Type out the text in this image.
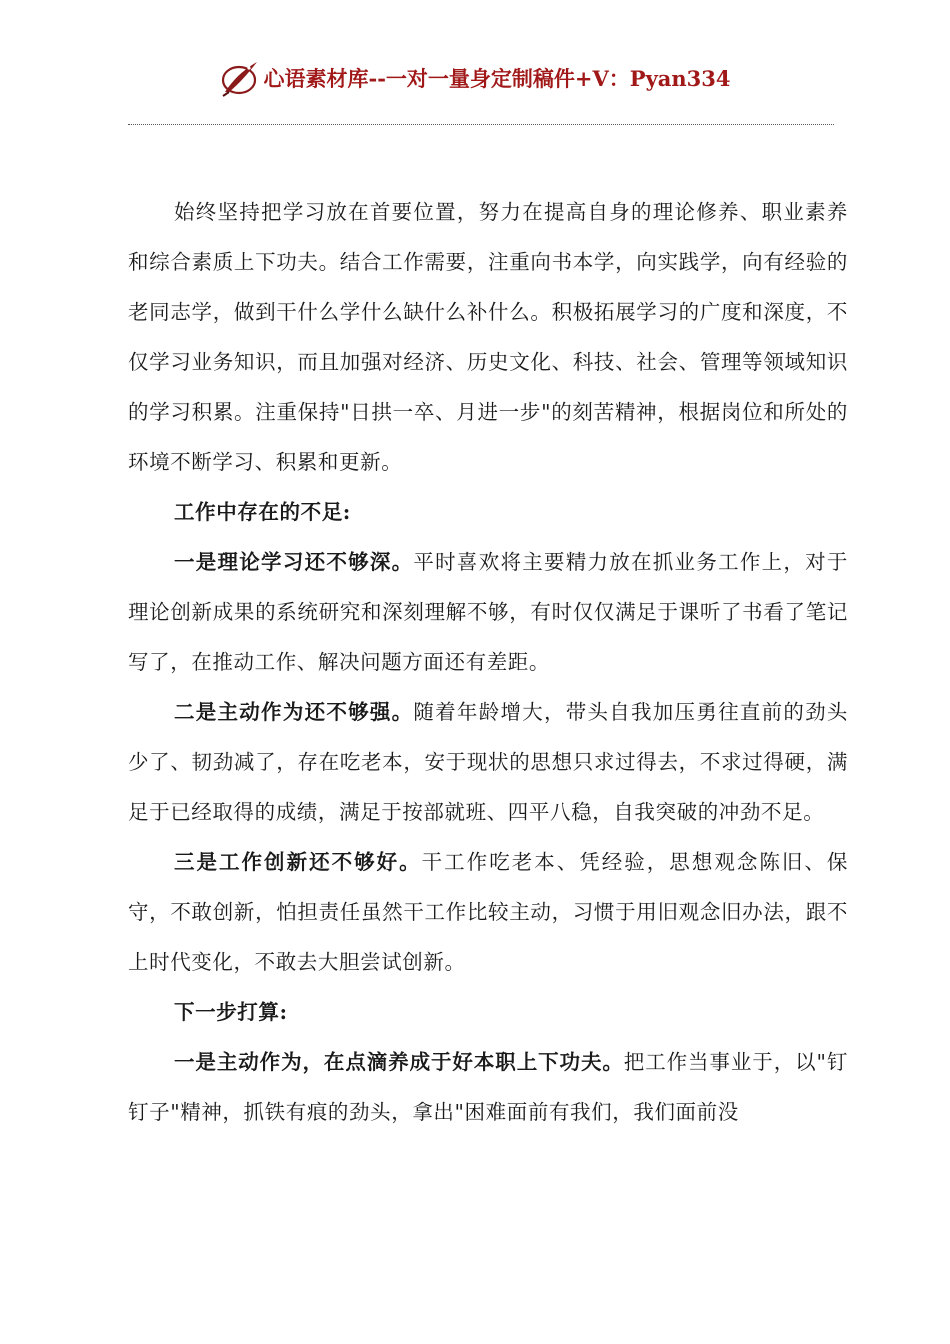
心语素材库--一对一量身定制稿件+V：Pyan334

始终坚持把学习放在首要位置，努力在提高自身的理论修养、职业素养和综合素质上下功夫。结合工作需要，注重向书本学，向实践学，向有经验的老同志学，做到干什么学什么缺什么补什么。积极拓展学习的广度和深度，不仅学习业务知识，而且加强对经济、历史文化、科技、社会、管理等领域知识的学习积累。注重保持"日拱一卒、月进一步"的刻苦精神，根据岗位和所处的环境不断学习、积累和更新。

工作中存在的不足:

一是理论学习还不够深。平时喜欢将主要精力放在抓业务工作上，对于理论创新成果的系统研究和深刻理解不够，有时仅仅满足于课听了书看了笔记写了，在推动工作、解决问题方面还有差距。

二是主动作为还不够强。随着年龄增大，带头自我加压勇往直前的劲头少了、韧劲减了，存在吃老本，安于现状的思想只求过得去，不求过得硬，满足于已经取得的成绩，满足于按部就班、四平八稳，自我突破的冲劲不足。

三是工作创新还不够好。干工作吃老本、凭经验，思想观念陈旧、保守，不敢创新，怕担责任虽然干工作比较主动，习惯于用旧观念旧办法，跟不上时代变化，不敢去大胆尝试创新。

下一步打算:

一是主动作为，在点滴养成于好本职上下功夫。把工作当事业于，以"钉钉子"精神，抓铁有痕的劲头，拿出"困难面前有我们，我们面前没
